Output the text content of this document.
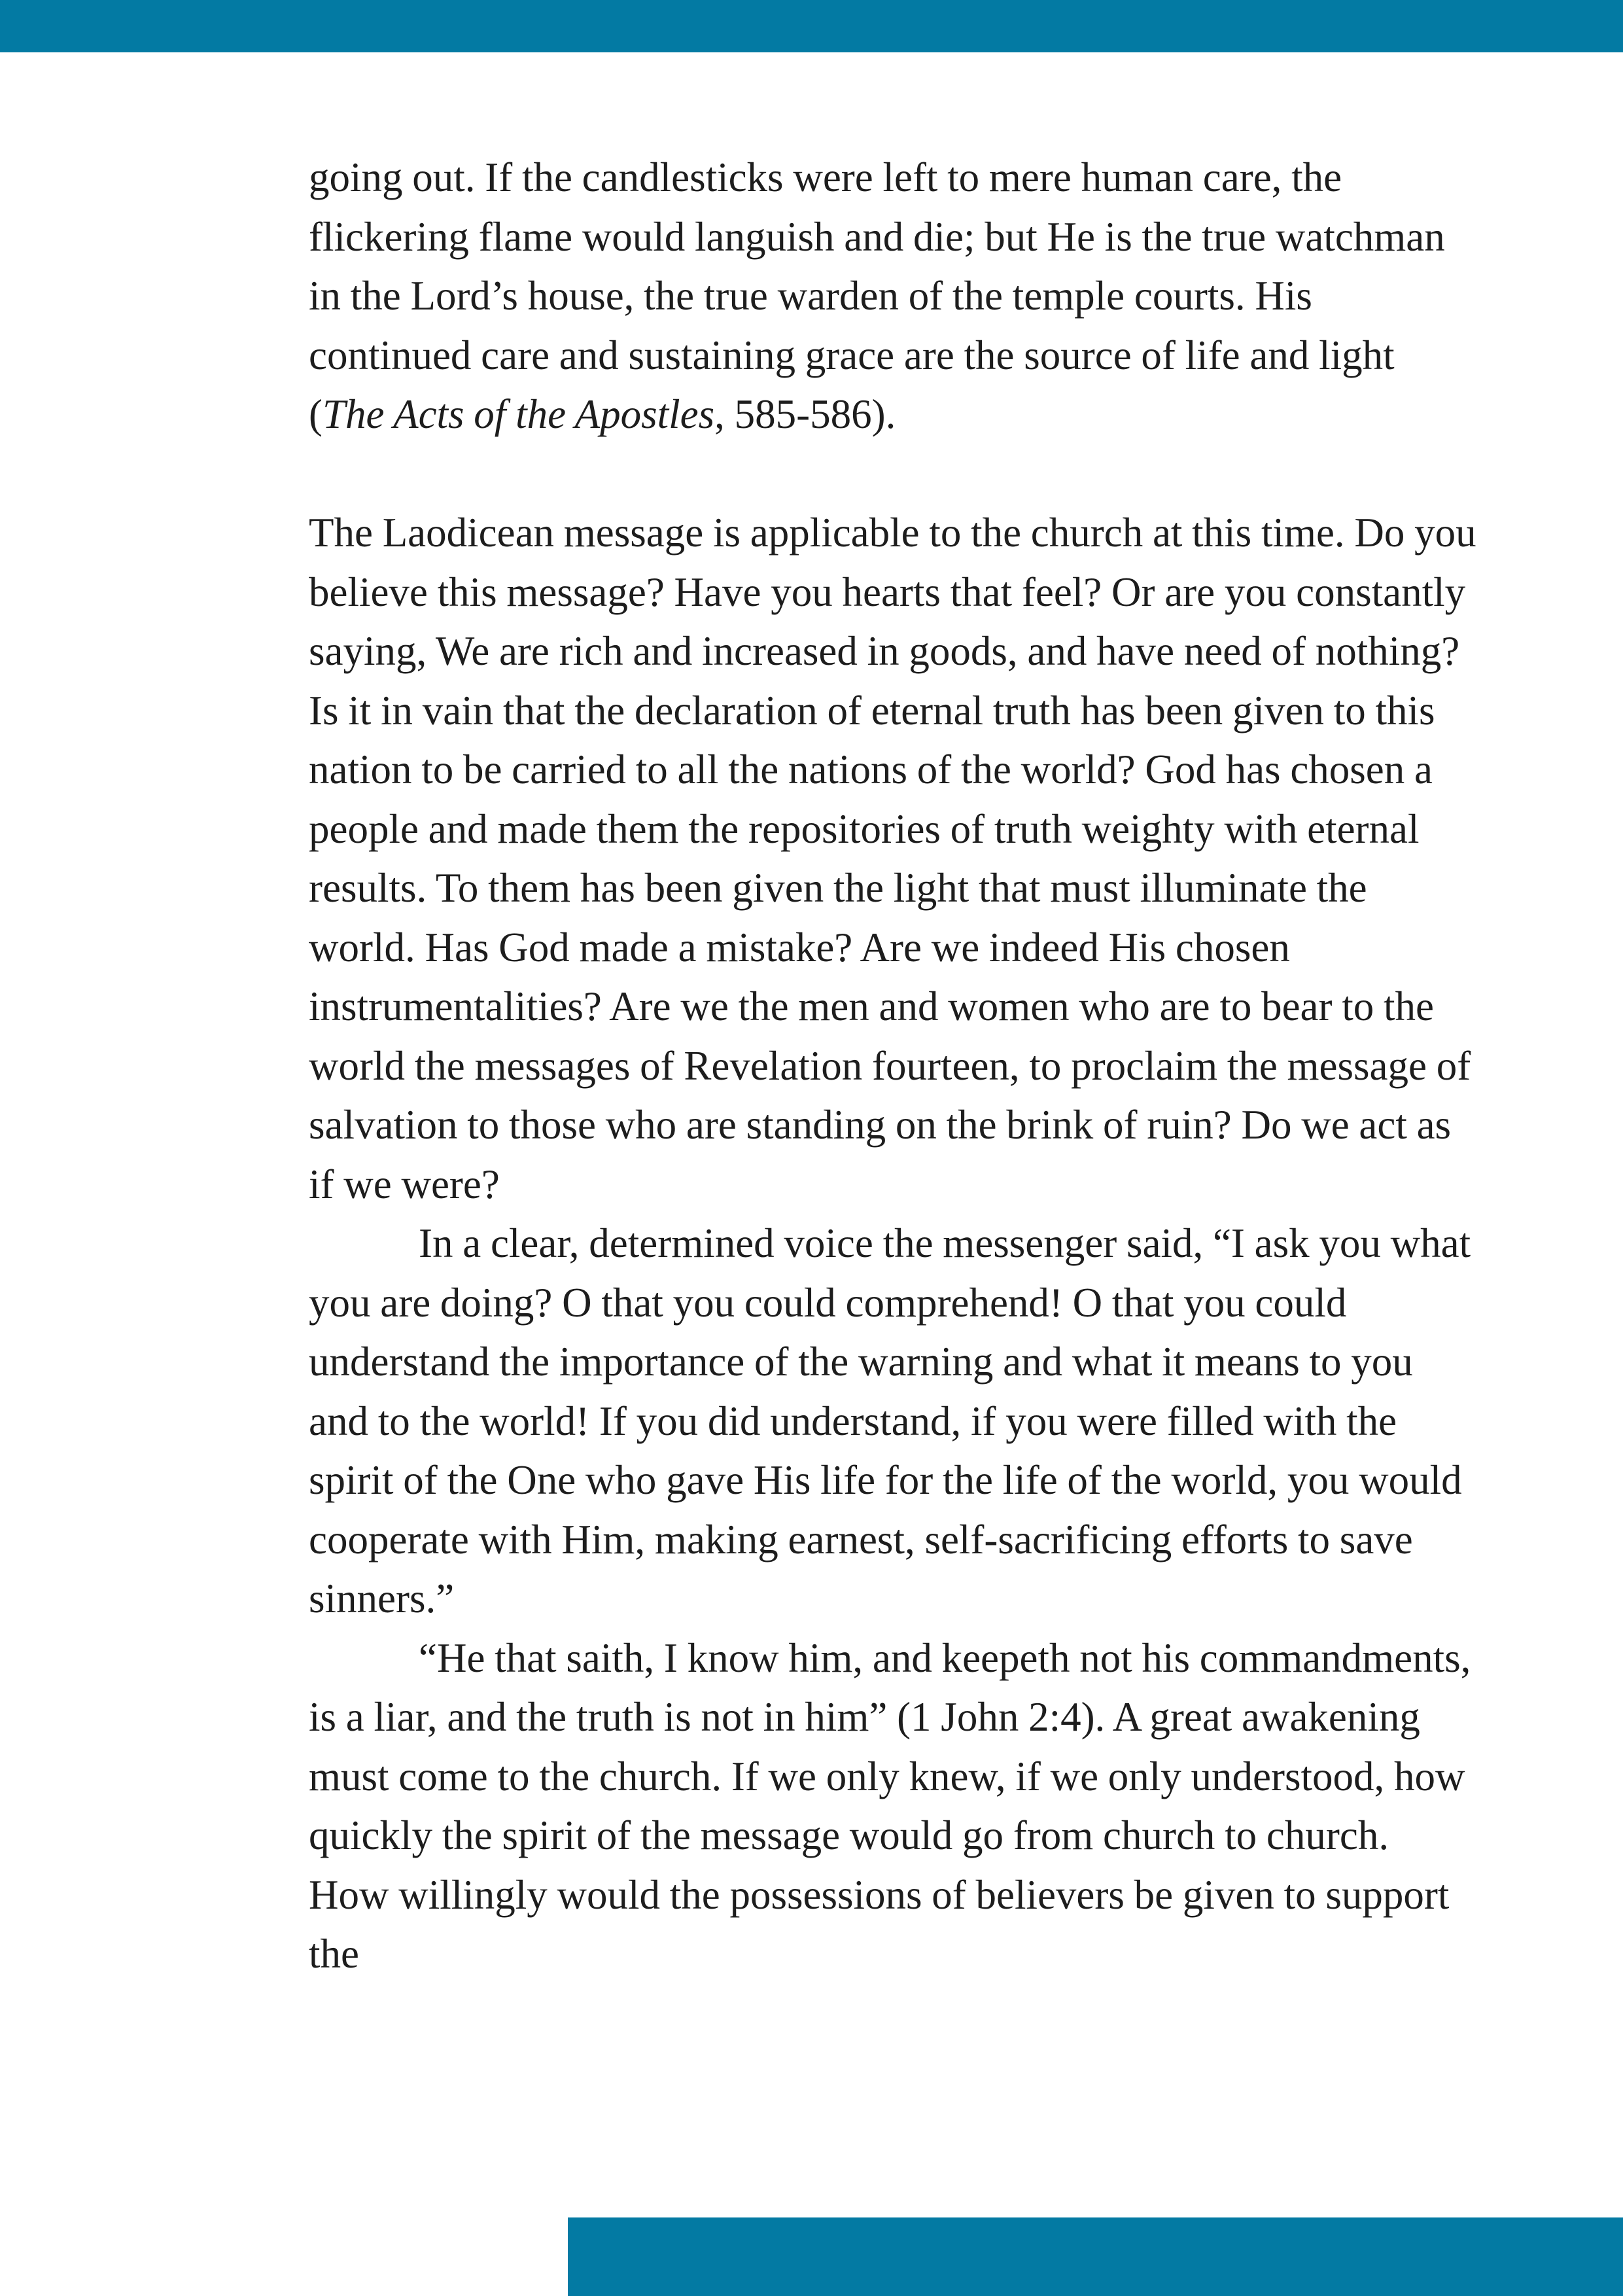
going out. If the candlesticks were left to mere human care, the flickering flame would languish and die; but He is the true watchman in the Lord’s house, the true warden of the temple courts. His continued care and sustaining grace are the source of life and light (The Acts of the Apostles, 585-586).

The Laodicean message is applicable to the church at this time. Do you believe this message? Have you hearts that feel? Or are you constantly saying, We are rich and increased in goods, and have need of nothing? Is it in vain that the declaration of eternal truth has been given to this nation to be carried to all the nations of the world? God has chosen a people and made them the repositories of truth weighty with eternal results. To them has been given the light that must illuminate the world. Has God made a mistake? Are we indeed His chosen instrumentalities? Are we the men and women who are to bear to the world the messages of Revelation fourteen, to proclaim the message of salvation to those who are standing on the brink of ruin? Do we act as if we were?

In a clear, determined voice the messenger said, “I ask you what you are doing? O that you could comprehend! O that you could understand the importance of the warning and what it means to you and to the world! If you did understand, if you were filled with the spirit of the One who gave His life for the life of the world, you would cooperate with Him, making earnest, self-sacrificing efforts to save sinners.”

“He that saith, I know him, and keepeth not his commandments, is a liar, and the truth is not in him” (1 John 2:4). A great awakening must come to the church. If we only knew, if we only understood, how quickly the spirit of the message would go from church to church. How willingly would the possessions of believers be given to support the
